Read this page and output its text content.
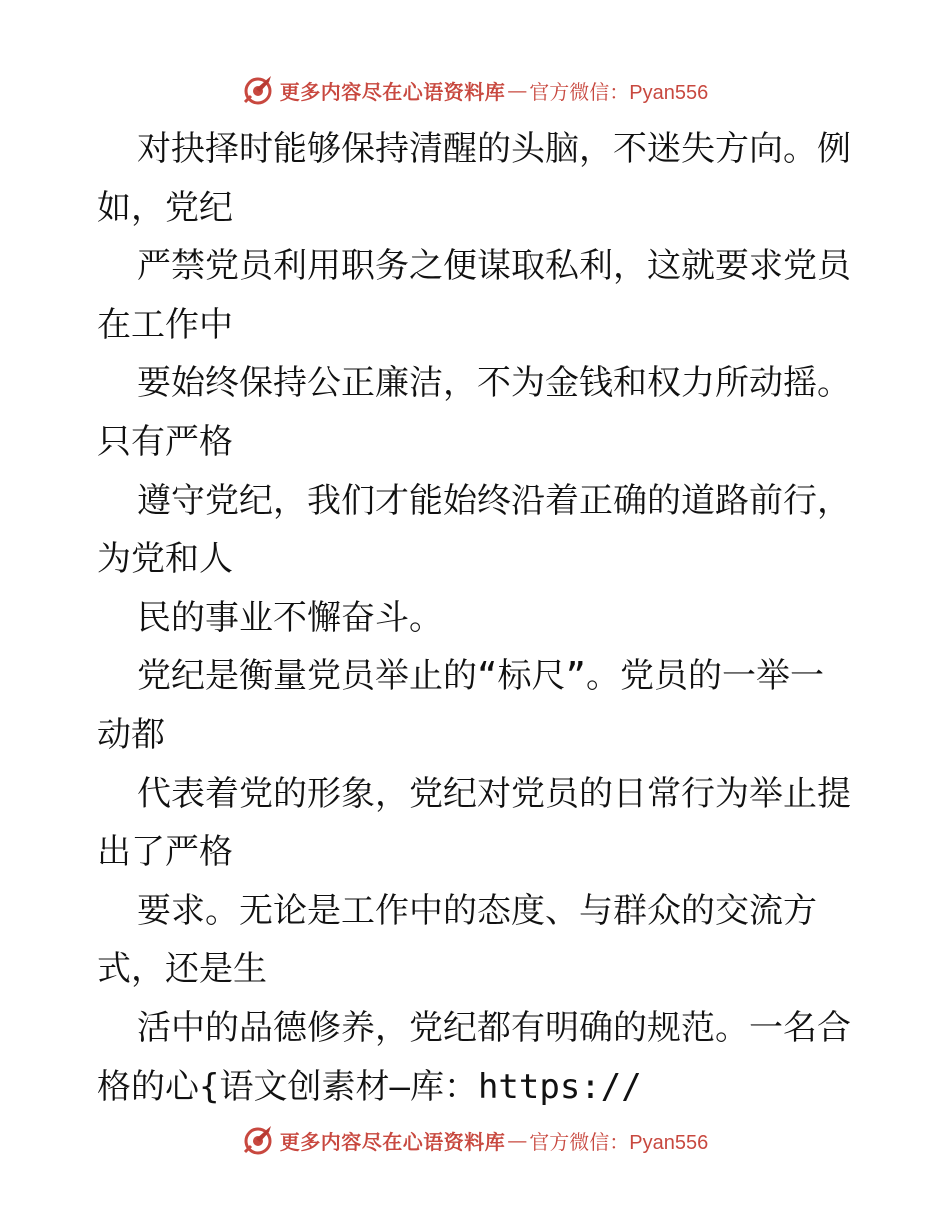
更多内容尽在心语资料库 — 官方微信：Pyan556
对抉择时能够保持清醒的头脑，不迷失方向。例
如，党纪
严禁党员利用职务之便谋取私利，这就要求党员
在工作中
要始终保持公正廉洁，不为金钱和权力所动摇。
只有严格
遵守党纪，我们才能始终沿着正确的道路前行，
为党和人
民的事业不懈奋斗。
党纪是衡量党员举止的“标尺”。党员的一举一
动都
代表着党的形象，党纪对党员的日常行为举止提
出了严格
要求。无论是工作中的态度、与群众的交流方
式，还是生
活中的品德修养，党纪都有明确的规范。一名合
格的心{语文创素材—库：https://
更多内容尽在心语资料库 — 官方微信：Pyan556
